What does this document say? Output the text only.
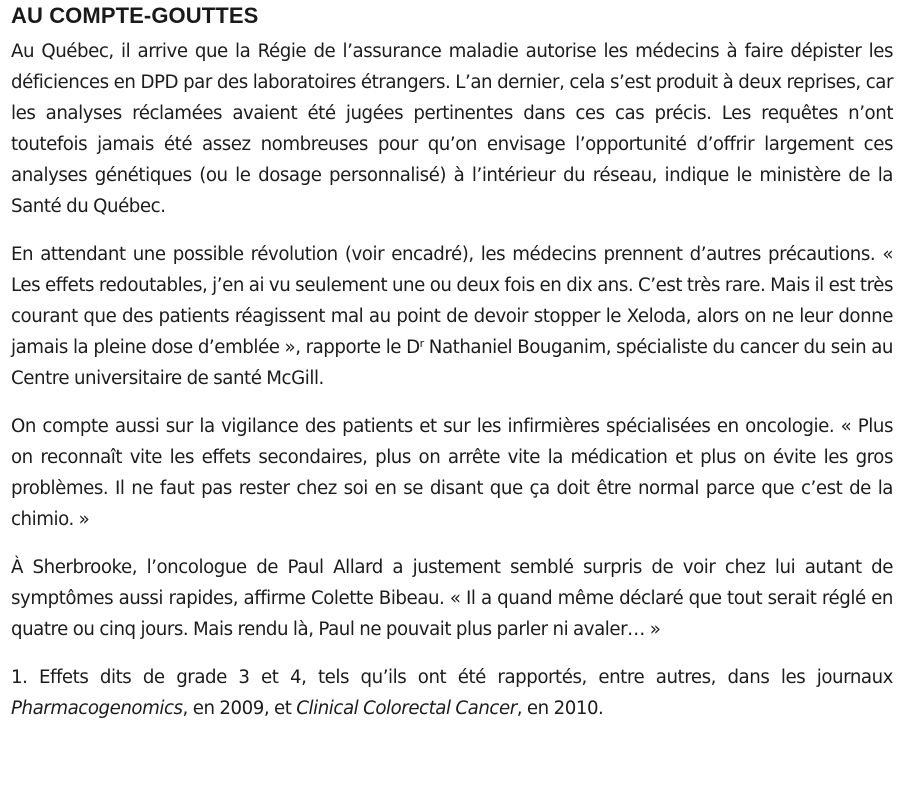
AU COMPTE-GOUTTES

Au Québec, il arrive que la Régie de l’assurance maladie autorise les médecins à faire dépister les déficiences en DPD par des laboratoires étrangers. L’an dernier, cela s’est produit à deux reprises, car les analyses réclamées avaient été jugées pertinentes dans ces cas précis. Les requêtes n’ont toutefois jamais été assez nombreuses pour qu’on envisage l’opportunité d’offrir largement ces analyses génétiques (ou le dosage personnalisé) à l’intérieur du réseau, indique le ministère de la Santé du Québec.

En attendant une possible révolution (voir encadré), les médecins prennent d’autres précautions. « Les effets redoutables, j’en ai vu seulement une ou deux fois en dix ans. C’est très rare. Mais il est très courant que des patients réagissent mal au point de devoir stopper le Xeloda, alors on ne leur donne jamais la pleine dose d’emblée », rapporte le $D^r$ Nathaniel Bouganim, spécialiste du cancer du sein au Centre universitaire de santé McGill.

On compte aussi sur la vigilance des patients et sur les infirmières spécialisées en oncologie. « Plus on reconnaît vite les effets secondaires, plus on arrête vite la médication et plus on évite les gros problèmes. Il ne faut pas rester chez soi en se disant que ça doit être normal parce que c’est de la chimio. »

À Sherbrooke, l’oncologue de Paul Allard a justement semblé surpris de voir chez lui autant de symptômes aussi rapides, affirme Colette Bibeau. « Il a quand même déclaré que tout serait réglé en quatre ou cinq jours. Mais rendu là, Paul ne pouvait plus parler ni avaler… »

1. Effets dits de grade 3 et 4, tels qu’ils ont été rapportés, entre autres, dans les journaux Pharmacogenomics, en 2009, et Clinical Colorectal Cancer, en 2010.
